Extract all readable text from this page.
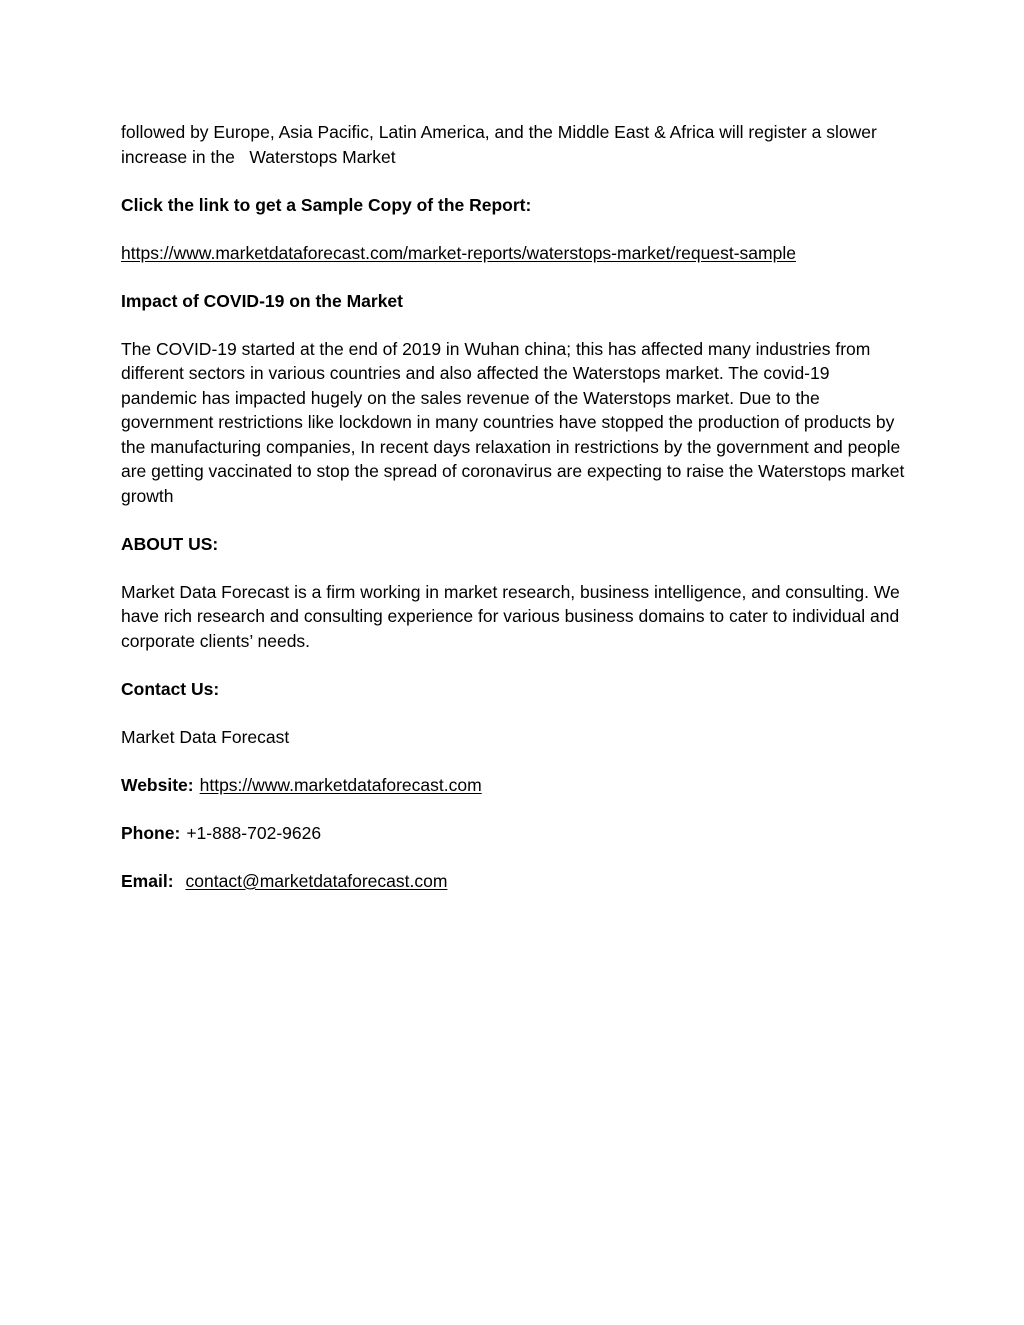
followed by Europe, Asia Pacific, Latin America, and the Middle East & Africa will register a slower increase in the   Waterstops Market

Click the link to get a Sample Copy of the Report:

https://www.marketdataforecast.com/market-reports/waterstops-market/request-sample

Impact of COVID-19 on the Market

The COVID-19 started at the end of 2019 in Wuhan china; this has affected many industries from different sectors in various countries and also affected the Waterstops market. The covid-19 pandemic has impacted hugely on the sales revenue of the Waterstops market. Due to the government restrictions like lockdown in many countries have stopped the production of products by the manufacturing companies, In recent days relaxation in restrictions by the government and people are getting vaccinated to stop the spread of coronavirus are expecting to raise the Waterstops market growth

ABOUT US:

Market Data Forecast is a firm working in market research, business intelligence, and consulting. We have rich research and consulting experience for various business domains to cater to individual and corporate clients’ needs.

Contact Us:

Market Data Forecast

Website: https://www.marketdataforecast.com

Phone: +1-888-702-9626

Email: contact@marketdataforecast.com
